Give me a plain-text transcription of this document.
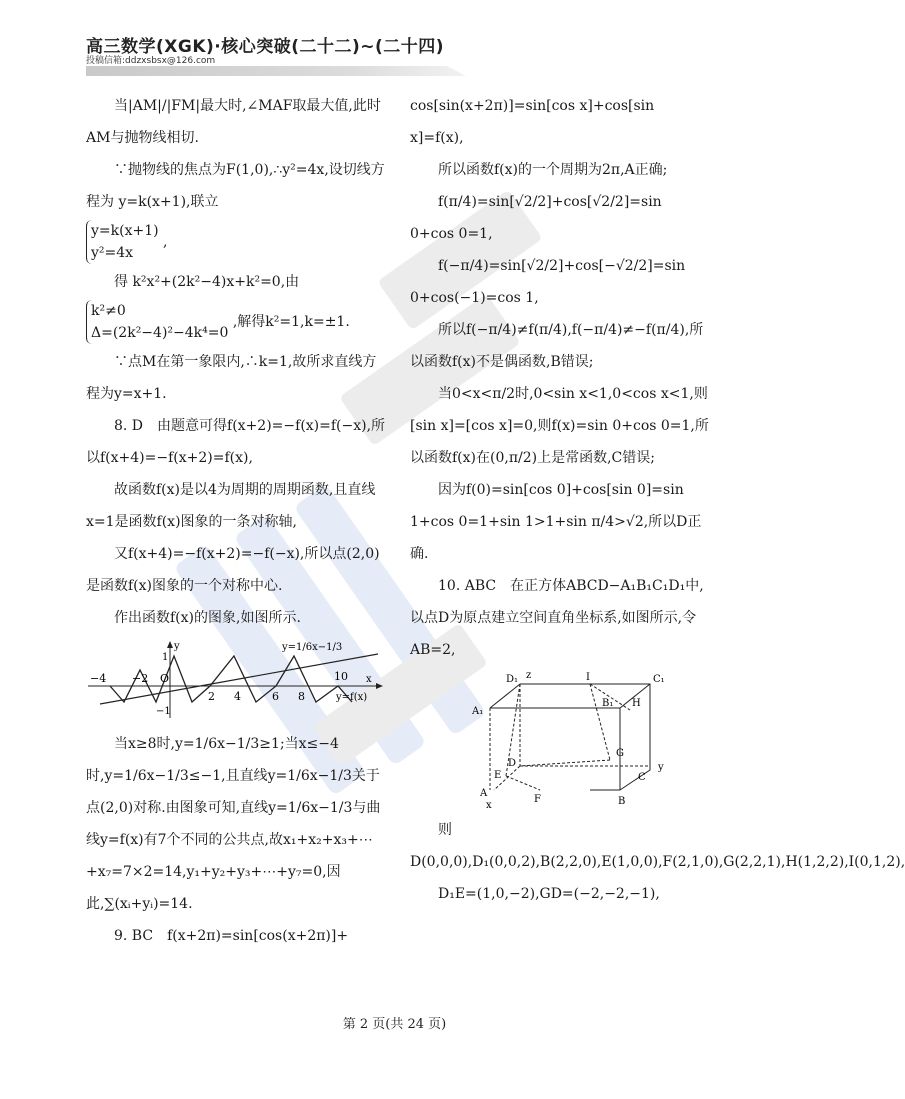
高三数学(XGK)·核心突破(二十二)~(二十四)
投稿信箱:ddzxsbsx@126.com

当|AM|/|FM|最大时,∠MAF取最大值,此时AM与抛物线相切.

∵抛物线的焦点为F(1,0),∴y²=4x,设切线方程为 y=k(x+1),联立

y=k(x+1)
y²=4x ,

得 k²x²+(2k²−4)x+k²=0,由

k²≠0
Δ=(2k²−4)²−4k⁴=0 ,解得k²=1,k=±1.

∵点M在第一象限内,∴k=1,故所求直线方程为y=x+1.

8. D　由题意可得f(x+2)=−f(x)=f(−x),所以f(x+4)=−f(x+2)=f(x),

故函数f(x)是以4为周期的周期函数,且直线x=1是函数f(x)图象的一条对称轴,

又f(x+4)=−f(x+2)=−f(−x),所以点(2,0)是函数f(x)图象的一个对称中心.

作出函数f(x)的图象,如图所示.

−4 −2 O
2 4	6 8
10
1
−1
y
x
y=1/6x−1/3
y=f(x)

当x≥8时,y=1/6x−1/3≥1;当x≤−4时,y=1/6x−1/3≤−1,且直线y=1/6x−1/3关于点(2,0)对称.由图象可知,直线y=1/6x−1/3与曲线y=f(x)有7个不同的公共点,故x₁+x₂+x₃+⋯+x₇=7×2=14,y₁+y₂+y₃+⋯+y₇=0,因此,∑(xᵢ+yᵢ)=14.

9. BC　f(x+2π)=sin[cos(x+2π)]+

cos[sin(x+2π)]=sin[cos x]+cos[sin x]=f(x),

所以函数f(x)的一个周期为2π,A正确;

f(π/4)=sin[√2/2]+cos[√2/2]=sin 0+cos 0=1,

f(−π/4)=sin[√2/2]+cos[−√2/2]=sin 0+cos(−1)=cos 1,

所以f(−π/4)≠f(π/4),f(−π/4)≠−f(π/4),所以函数f(x)不是偶函数,B错误;

当0<x<π/2时,0<sin x<1,0<cos x<1,则[sin x]=[cos x]=0,则f(x)=sin 0+cos 0=1,所以函数f(x)在(0,π/2)上是常函数,C错误;

因为f(0)=sin[cos 0]+cos[sin 0]=sin 1+cos 0=1+sin 1>1+sin π/4>√2,所以D正确.

10. ABC　在正方体ABCD−A₁B₁C₁D₁中,以点D为原点建立空间直角坐标系,如图所示,令AB=2,

D₁	I	C₁
A₁
B₁ H
G
D
C
E
A
F	B
z
y
x

则D(0,0,0),D₁(0,0,2),B(2,2,0),E(1,0,0),F(2,1,0),G(2,2,1),H(1,2,2),I(0,1,2),

D₁E=(1,0,−2),GD=(−2,−2,−1),

第 2 页(共 24 页)
